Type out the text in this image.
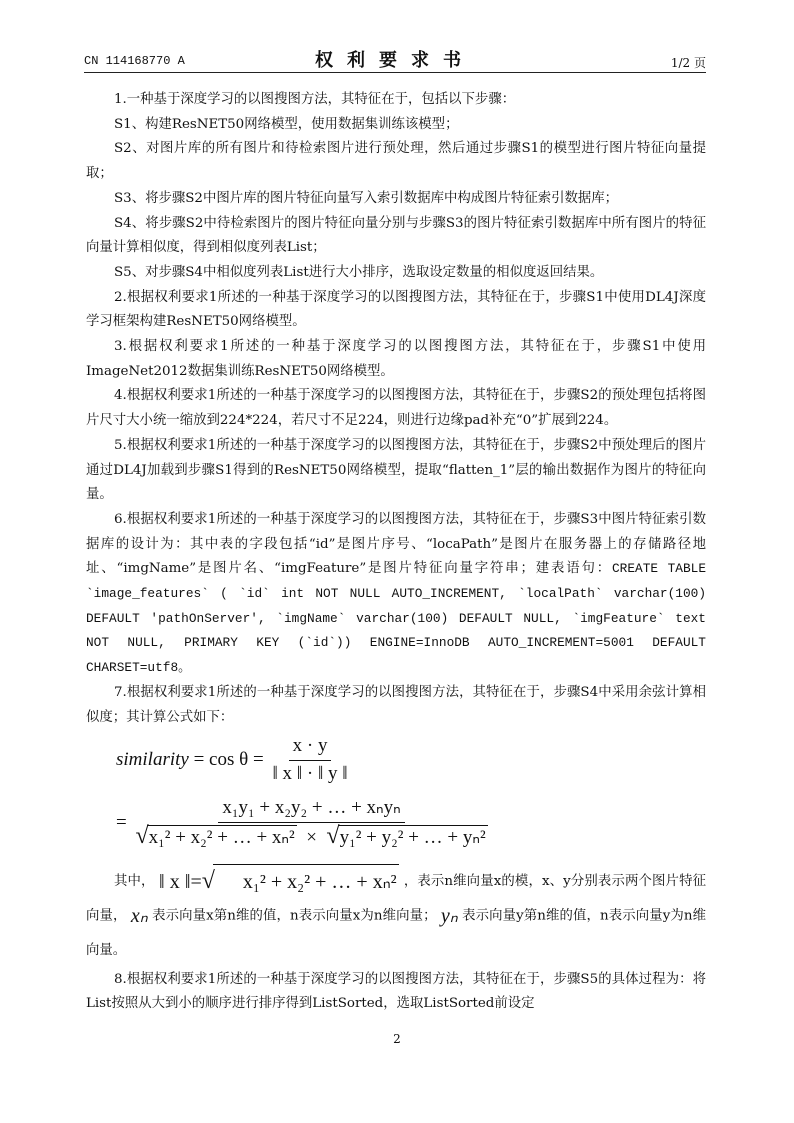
CN 114168770 A	权利要求书	1/2 页

1.一种基于深度学习的以图搜图方法，其特征在于，包括以下步骤：

S1、构建ResNET50网络模型，使用数据集训练该模型；

S2、对图片库的所有图片和待检索图片进行预处理，然后通过步骤S1的模型进行图片特征向量提取；

S3、将步骤S2中图片库的图片特征向量写入索引数据库中构成图片特征索引数据库；

S4、将步骤S2中待检索图片的图片特征向量分别与步骤S3的图片特征索引数据库中所有图片的特征向量计算相似度，得到相似度列表List；

S5、对步骤S4中相似度列表List进行大小排序，选取设定数量的相似度返回结果。

2.根据权利要求1所述的一种基于深度学习的以图搜图方法，其特征在于，步骤S1中使用DL4J深度学习框架构建ResNET50网络模型。

3.根据权利要求1所述的一种基于深度学习的以图搜图方法，其特征在于，步骤S1中使用ImageNet2012数据集训练ResNET50网络模型。

4.根据权利要求1所述的一种基于深度学习的以图搜图方法，其特征在于，步骤S2的预处理包括将图片尺寸大小统一缩放到224*224，若尺寸不足224，则进行边缘pad补充“0”扩展到224。

5.根据权利要求1所述的一种基于深度学习的以图搜图方法，其特征在于，步骤S2中预处理后的图片通过DL4J加载到步骤S1得到的ResNET50网络模型，提取“flatten_1”层的输出数据作为图片的特征向量。

6.根据权利要求1所述的一种基于深度学习的以图搜图方法，其特征在于，步骤S3中图片特征索引数据库的设计为：其中表的字段包括“id”是图片序号、“locaPath”是图片在服务器上的存储路径地址、“imgName”是图片名、“imgFeature”是图片特征向量字符串；建表语句：CREATE TABLE `image_features` ( `id` int NOT NULL AUTO_INCREMENT, `localPath` varchar(100) DEFAULT 'pathOnServer', `imgName` varchar(100) DEFAULT NULL, `imgFeature` text NOT NULL, PRIMARY KEY (`id`)) ENGINE=InnoDB AUTO_INCREMENT=5001 DEFAULT CHARSET=utf8。

7.根据权利要求1所述的一种基于深度学习的以图搜图方法，其特征在于，步骤S4中采用余弦计算相似度；其计算公式如下：

similarity
= cos θ =
$\frac{x \cdot y}{‖ x ‖ \cdot ‖ y ‖}$
=
x₁y₁ + x₂y₂ + … + xₙyₙ
√x₁² + x₂² + … + xₙ²  ×  √y₁² + y₂² + … + yₙ²

其中， ‖ x ‖=√ x₁² + x₂² + … + xₙ² ，表示n维向量x的模，x、y分别表示两个图片特征向量， xₙ 表示向量x第n维的值，n表示向量x为n维向量； yₙ 表示向量y第n维的值，n表示向量y为n维向量。

8.根据权利要求1所述的一种基于深度学习的以图搜图方法，其特征在于，步骤S5的具体过程为：将List按照从大到小的顺序进行排序得到ListSorted，选取ListSorted前设定

2
